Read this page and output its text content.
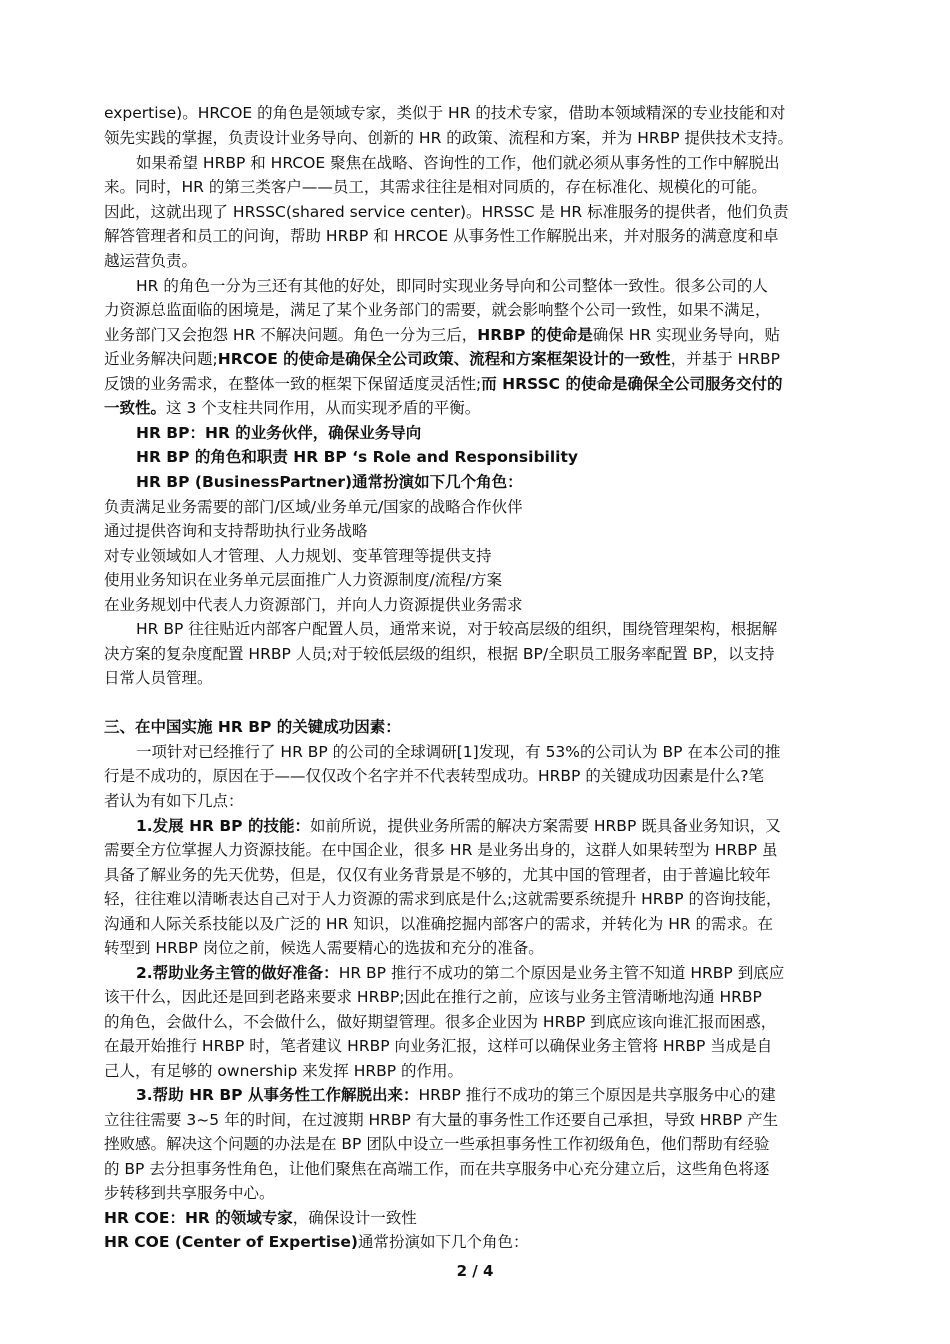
expertise)。HRCOE 的角色是领域专家，类似于 HR 的技术专家，借助本领域精深的专业技能和对
领先实践的掌握，负责设计业务导向、创新的 HR 的政策、流程和方案，并为 HRBP 提供技术支持。
如果希望 HRBP 和 HRCOE 聚焦在战略、咨询性的工作，他们就必须从事务性的工作中解脱出
来。同时，HR 的第三类客户——员工，其需求往往是相对同质的，存在标准化、规模化的可能。
因此，这就出现了 HRSSC(shared service center)。HRSSC 是 HR 标准服务的提供者，他们负责
解答管理者和员工的问询，帮助 HRBP 和 HRCOE 从事务性工作解脱出来，并对服务的满意度和卓
越运营负责。
HR 的角色一分为三还有其他的好处，即同时实现业务导向和公司整体一致性。很多公司的人
力资源总监面临的困境是，满足了某个业务部门的需要，就会影响整个公司一致性，如果不满足，
业务部门又会抱怨 HR 不解决问题。角色一分为三后，HRBP 的使命是确保 HR 实现业务导向，贴
近业务解决问题;HRCOE 的使命是确保全公司政策、流程和方案框架设计的一致性，并基于 HRBP
反馈的业务需求，在整体一致的框架下保留适度灵活性;而 HRSSC 的使命是确保全公司服务交付的
一致性。这 3 个支柱共同作用，从而实现矛盾的平衡。
HR BP：HR 的业务伙伴，确保业务导向
HR BP 的角色和职责 HR BP ‘s Role and Responsibility
HR BP (BusinessPartner)通常扮演如下几个角色：
负责满足业务需要的部门/区域/业务单元/国家的战略合作伙伴
通过提供咨询和支持帮助执行业务战略
对专业领域如人才管理、人力规划、变革管理等提供支持
使用业务知识在业务单元层面推广人力资源制度/流程/方案
在业务规划中代表人力资源部门，并向人力资源提供业务需求
HR BP 往往贴近内部客户配置人员，通常来说，对于较高层级的组织，围绕管理架构，根据解
决方案的复杂度配置 HRBP 人员;对于较低层级的组织，根据 BP/全职员工服务率配置 BP，以支持
日常人员管理。
三、在中国实施 HR BP 的关键成功因素：
一项针对已经推行了 HR BP 的公司的全球调研[1]发现，有 53%的公司认为 BP 在本公司的推
行是不成功的，原因在于——仅仅改个名字并不代表转型成功。HRBP 的关键成功因素是什么?笔
者认为有如下几点：
1.发展 HR BP 的技能：如前所说，提供业务所需的解决方案需要 HRBP 既具备业务知识，又
需要全方位掌握人力资源技能。在中国企业，很多 HR 是业务出身的，这群人如果转型为 HRBP 虽
具备了解业务的先天优势，但是，仅仅有业务背景是不够的，尤其中国的管理者，由于普遍比较年
轻，往往难以清晰表达自己对于人力资源的需求到底是什么;这就需要系统提升 HRBP 的咨询技能，
沟通和人际关系技能以及广泛的 HR 知识，以准确挖掘内部客户的需求，并转化为 HR 的需求。在
转型到 HRBP 岗位之前，候选人需要精心的选拔和充分的准备。
2.帮助业务主管的做好准备：HR BP 推行不成功的第二个原因是业务主管不知道 HRBP 到底应
该干什么，因此还是回到老路来要求 HRBP;因此在推行之前，应该与业务主管清晰地沟通 HRBP
的角色，会做什么，不会做什么，做好期望管理。很多企业因为 HRBP 到底应该向谁汇报而困惑，
在最开始推行 HRBP 时，笔者建议 HRBP 向业务汇报，这样可以确保业务主管将 HRBP 当成是自
己人，有足够的 ownership 来发挥 HRBP 的作用。
3.帮助 HR BP 从事务性工作解脱出来：HRBP 推行不成功的第三个原因是共享服务中心的建
立往往需要 3~5 年的时间，在过渡期 HRBP 有大量的事务性工作还要自己承担，导致 HRBP 产生
挫败感。解决这个问题的办法是在 BP 团队中设立一些承担事务性工作初级角色，他们帮助有经验
的 BP 去分担事务性角色，让他们聚焦在高端工作，而在共享服务中心充分建立后，这些角色将逐
步转移到共享服务中心。
HR COE：HR 的领域专家，确保设计一致性
HR COE (Center of Expertise)通常扮演如下几个角色：
2 / 4
